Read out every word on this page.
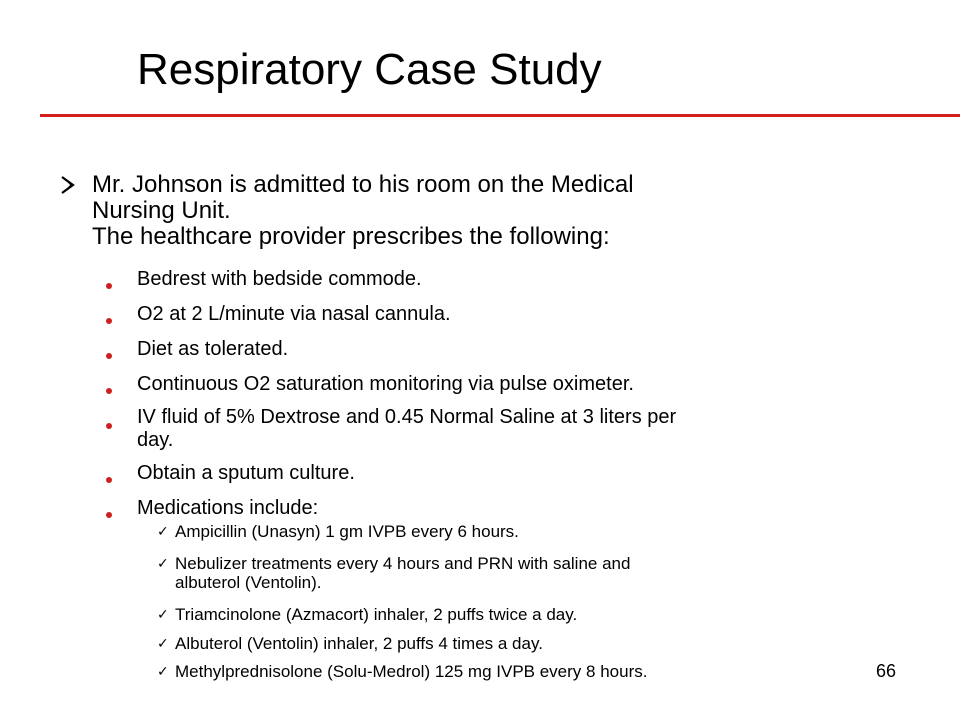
Respiratory Case Study
Mr. Johnson is admitted to his room on the Medical
Nursing Unit.
The healthcare provider prescribes the following:
Bedrest with bedside commode.
O2 at 2 L/minute via nasal cannula.
Diet as tolerated.
Continuous O2 saturation monitoring via pulse oximeter.
IV fluid of 5% Dextrose and 0.45 Normal Saline at 3 liters per
day.
Obtain a sputum culture.
Medications include:
✓ Ampicillin (Unasyn) 1 gm IVPB every 6 hours.
✓ Nebulizer treatments every 4 hours and PRN with saline and
albuterol (Ventolin).
✓ Triamcinolone (Azmacort) inhaler, 2 puffs twice a day.
✓ Albuterol (Ventolin) inhaler, 2 puffs 4 times a day.
✓ Methylprednisolone (Solu-Medrol) 125 mg IVPB every 8 hours.	66
